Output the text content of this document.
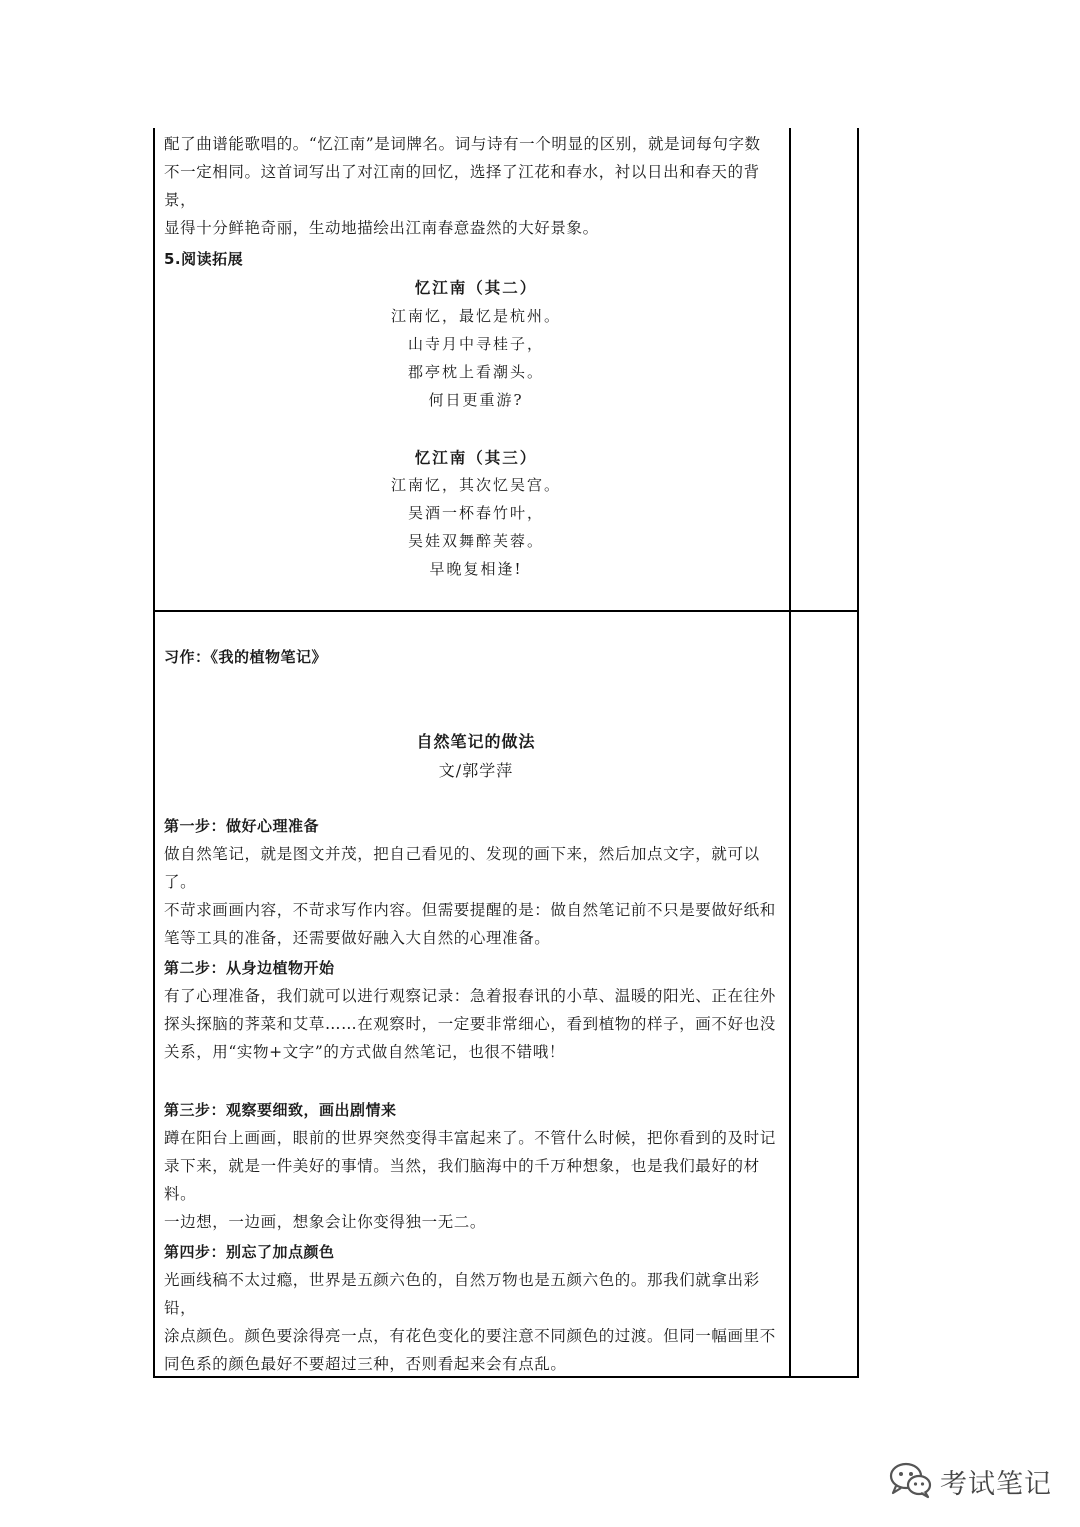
配了曲谱能歌唱的。“忆江南”是词牌名。词与诗有一个明显的区别，就是词每句字数
不一定相同。这首词写出了对江南的回忆，选择了江花和春水，衬以日出和春天的背景，
显得十分鲜艳奇丽，生动地描绘出江南春意盎然的大好景象。
5.阅读拓展
忆江南（其二）
江南忆，最忆是杭州。
山寺月中寻桂子，
郡亭枕上看潮头。
何日更重游?
忆江南（其三）
江南忆，其次忆吴宫。
吴酒一杯春竹叶，
吴娃双舞醉芙蓉。
早晚复相逢!
习作：《我的植物笔记》
自然笔记的做法
文/郭学萍
第一步：做好心理准备
做自然笔记，就是图文并茂，把自己看见的、发现的画下来，然后加点文字，就可以了。
不苛求画画内容，不苛求写作内容。但需要提醒的是：做自然笔记前不只是要做好纸和
笔等工具的准备，还需要做好融入大自然的心理准备。
第二步：从身边植物开始
有了心理准备，我们就可以进行观察记录：急着报春讯的小草、温暖的阳光、正在往外
探头探脑的荠菜和艾草……在观察时，一定要非常细心，看到植物的样子，画不好也没
关系，用“实物+文字”的方式做自然笔记，也很不错哦！
第三步：观察要细致，画出剧情来
蹲在阳台上画画，眼前的世界突然变得丰富起来了。不管什么时候，把你看到的及时记
录下来，就是一件美好的事情。当然，我们脑海中的千万种想象，也是我们最好的材料。
一边想，一边画，想象会让你变得独一无二。
第四步：别忘了加点颜色
光画线稿不太过瘾，世界是五颜六色的，自然万物也是五颜六色的。那我们就拿出彩铅，
涂点颜色。颜色要涂得亮一点，有花色变化的要注意不同颜色的过渡。但同一幅画里不
同色系的颜色最好不要超过三种，否则看起来会有点乱。
考试笔记
